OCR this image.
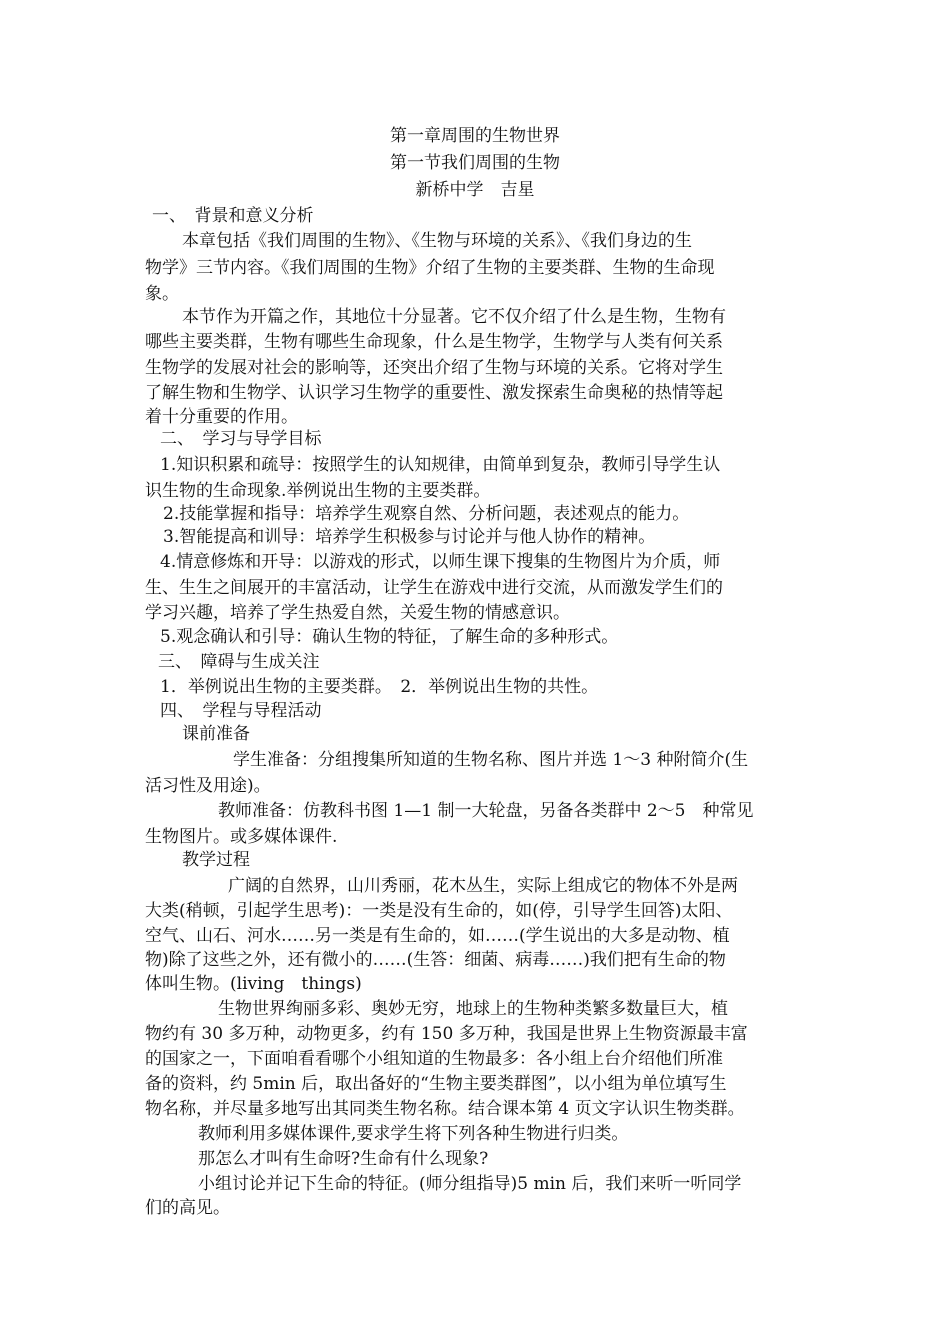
第一章周围的生物世界
第一节我们周围的生物
新桥中学　吉星
一、　背景和意义分析
本章包括《我们周围的生物》、《生物与环境的关系》、《我们身边的生
物学》三节内容。《我们周围的生物》介绍了生物的主要类群、生物的生命现
象。
本节作为开篇之作，其地位十分显著。它不仅介绍了什么是生物，生物有
哪些主要类群，生物有哪些生命现象，什么是生物学，生物学与人类有何关系
生物学的发展对社会的影响等，还突出介绍了生物与环境的关系。它将对学生
了解生物和生物学、认识学习生物学的重要性、激发探索生命奥秘的热情等起
着十分重要的作用。
二、　学习与导学目标
1.知识积累和疏导：按照学生的认知规律，由简单到复杂，教师引导学生认
识生物的生命现象.举例说出生物的主要类群。
2.技能掌握和指导：培养学生观察自然、分析问题，表述观点的能力。
3.智能提高和训导：培养学生积极参与讨论并与他人协作的精神。
4.情意修炼和开导：以游戏的形式，以师生课下搜集的生物图片为介质，师
生、生生之间展开的丰富活动，让学生在游戏中进行交流，从而激发学生们的
学习兴趣，培养了学生热爱自然，关爱生物的情感意识。
5.观念确认和引导：确认生物的特征，了解生命的多种形式。
三、　障碍与生成关注
1．举例说出生物的主要类群。　2．举例说出生物的共性。
四、　学程与导程活动
课前准备
学生准备：分组搜集所知道的生物名称、图片并选 1～3 种附简介(生
活习性及用途)。
教师准备：仿教科书图 1—1 制一大轮盘，另备各类群中 2～5　种常见
生物图片。或多媒体课件.
教学过程
广阔的自然界，山川秀丽，花木丛生，实际上组成它的物体不外是两
大类(稍顿，引起学生思考)：一类是没有生命的，如(停，引导学生回答)太阳、
空气、山石、河水……另一类是有生命的，如……(学生说出的大多是动物、植
物)除了这些之外，还有微小的……(生答：细菌、病毒……)我们把有生命的物
体叫生物。(living　things)
生物世界绚丽多彩、奥妙无穷，地球上的生物种类繁多数量巨大，植
物约有 30 多万种，动物更多，约有 150 多万种，我国是世界上生物资源最丰富
的国家之一，下面咱看看哪个小组知道的生物最多：各小组上台介绍他们所准
备的资料，约 5min 后，取出备好的“生物主要类群图”，以小组为单位填写生
物名称，并尽量多地写出其同类生物名称。结合课本第 4 页文字认识生物类群。
教师利用多媒体课件,要求学生将下列各种生物进行归类。
那怎么才叫有生命呀?生命有什么现象?
小组讨论并记下生命的特征。(师分组指导)5 min 后，我们来听一听同学
们的高见。
